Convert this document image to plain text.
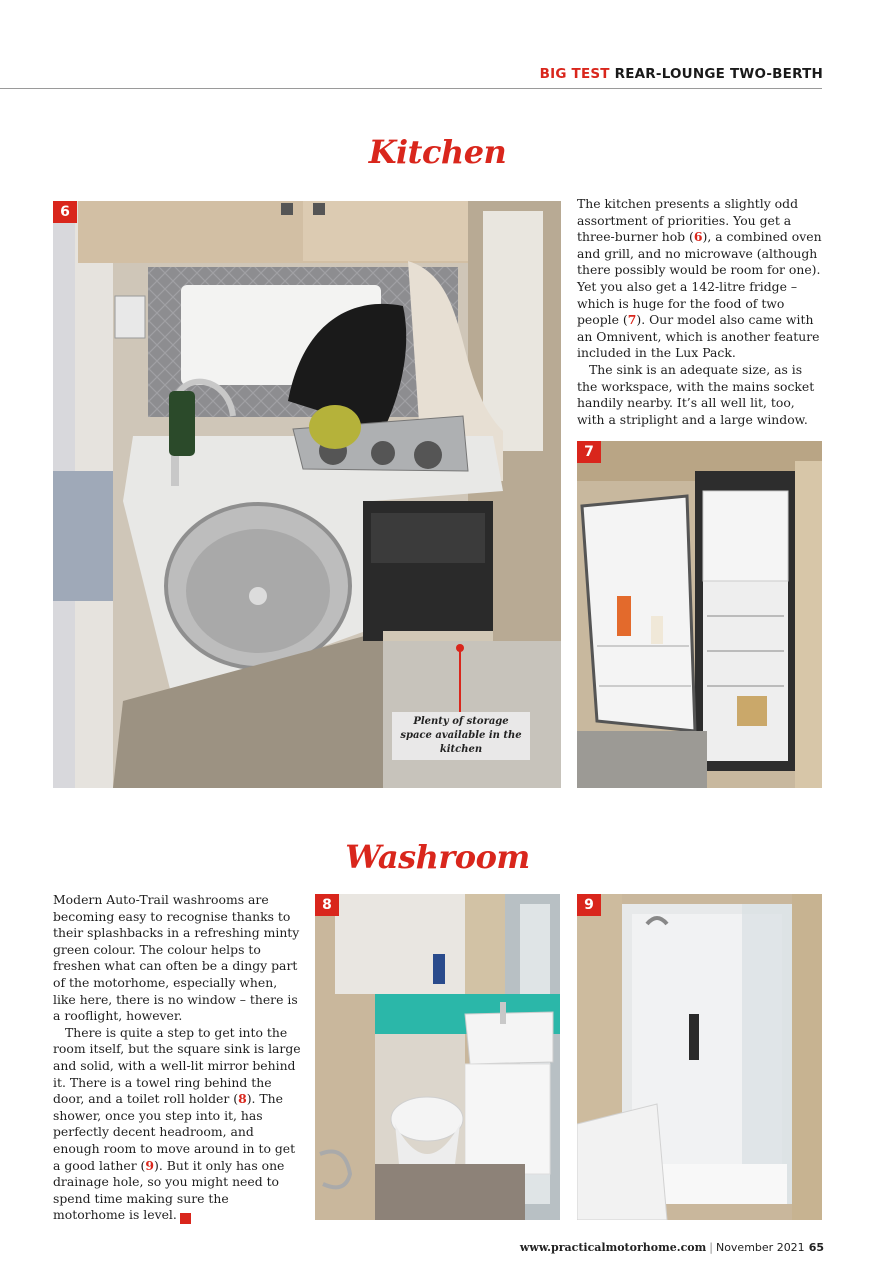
BIG TEST REAR-LOUNGE TWO-BERTH
Kitchen
6
Plenty of storage space available in the kitchen

The kitchen presents a slightly odd assortment of priorities. You get a three-burner hob (6), a combined oven and grill, and no microwave (although there possibly would be room for one). Yet you also get a 142-litre fridge – which is huge for the food of two people (7). Our model also came with an Omnivent, which is another feature included in the Lux Pack.

The sink is an adequate size, as is the workspace, with the mains socket handily nearby. It’s all well lit, too, with a striplight and a large window.

7
Washroom

Modern Auto-Trail washrooms are becoming easy to recognise thanks to their splashbacks in a refreshing minty green colour. The colour helps to freshen what can often be a dingy part of the motorhome, especially when, like here, there is no window – there is a rooflight, however.

There is quite a step to get into the room itself, but the square sink is large and solid, with a well-lit mirror behind it. There is a towel ring behind the door, and a toilet roll holder (8). The shower, once you step into it, has perfectly decent headroom, and enough room to move around in to get a good lather (9). But it only has one drainage hole, so you might need to spend time making sure the motorhome is level. ➜

8	9
www.practicalmotorhome.com | November 2021 65
